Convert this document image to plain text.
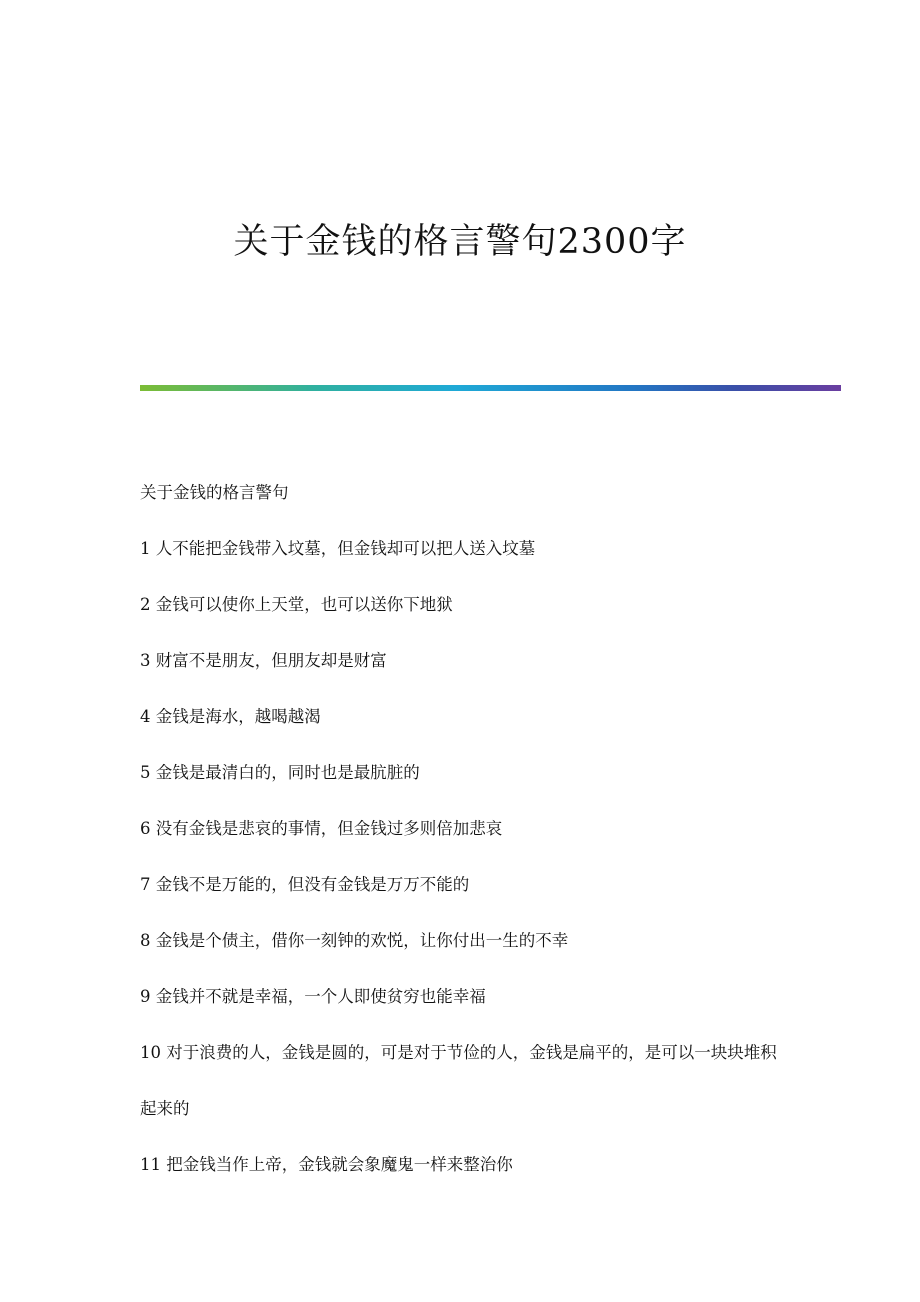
关于金钱的格言警句2300字

关于金钱的格言警句

1 人不能把金钱带入坟墓，但金钱却可以把人送入坟墓

2 金钱可以使你上天堂，也可以送你下地狱

3 财富不是朋友，但朋友却是财富

4 金钱是海水，越喝越渴

5 金钱是最清白的，同时也是最肮脏的

6 没有金钱是悲哀的事情，但金钱过多则倍加悲哀

7 金钱不是万能的，但没有金钱是万万不能的

8 金钱是个债主，借你一刻钟的欢悦，让你付出一生的不幸

9 金钱并不就是幸福，一个人即使贫穷也能幸福

10 对于浪费的人，金钱是圆的，可是对于节俭的人，金钱是扁平的，是可以一块块堆积起来的

11 把金钱当作上帝，金钱就会象魔鬼一样来整治你
